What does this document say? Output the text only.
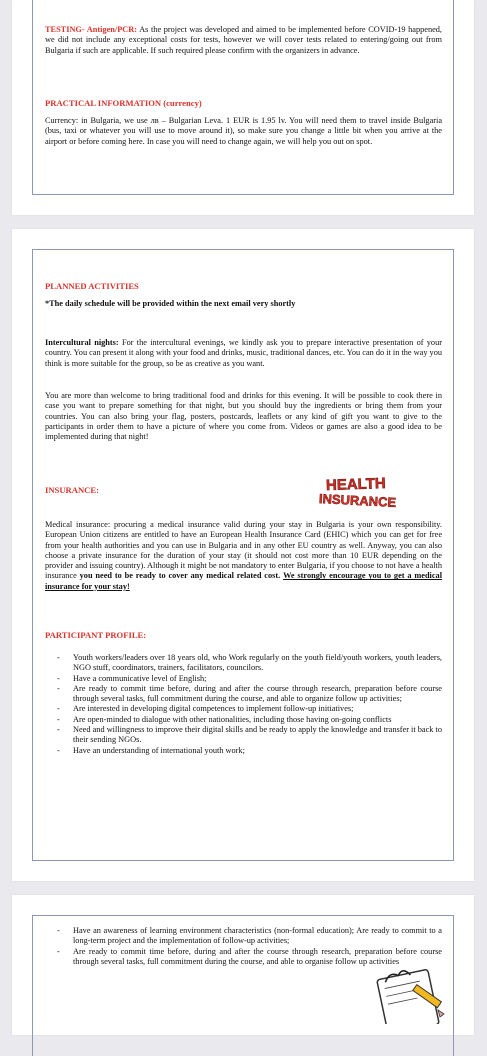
TESTING- Antigen/PCR: As the project was developed and aimed to be implemented before COVID-19 happened, we did not include any exceptional costs for tests, however we will cover tests related to entering/going out from Bulgaria if such are applicable. If such required please confirm with the organizers in advance.

PRACTICAL INFORMATION (currency)

Currency: in Bulgaria, we use лв – Bulgarian Leva. 1 EUR is 1.95 lv. You will need them to travel inside Bulgaria (bus, taxi or whatever you will use to move around it), so make sure you change a little bit when you arrive at the airport or before coming here. In case you will need to change again, we will help you out on spot.

PLANNED ACTIVITIES

*The daily schedule will be provided within the next email very shortly

Intercultural nights: For the intercultural evenings, we kindly ask you to prepare interactive presentation of your country. You can present it along with your food and drinks, music, traditional dances, etc. You can do it in the way you think is more suitable for the group, so be as creative as you want.

You are more than welcome to bring traditional food and drinks for this evening. It will be possible to cook there in case you want to prepare something for that night, but you should buy the ingredients or bring them from your countries. You can also bring your flag, posters, postcards, leaflets or any kind of gift you want to give to the participants in order them to have a picture of where you come from. Videos or games are also a good idea to be implemented during that night!

INSURANCE:	HEALTH
INSURANCE

Medical insurance: procuring a medical insurance valid during your stay in Bulgaria is your own responsibility. European Union citizens are entitled to have an European Health Insurance Card (EHIC) which you can get for free from your health authorities and you can use in Bulgaria and in any other EU country as well. Anyway, you can also choose a private insurance for the duration of your stay (it should not cost more than 10 EUR depending on the provider and issuing country). Although it might be not mandatory to enter Bulgaria, if you choose to not have a health insurance you need to be ready to cover any medical related cost. We strongly encourage you to get a medical insurance for your stay!

PARTICIPANT PROFILE:

- Youth workers/leaders over 18 years old, who Work regularly on the youth field/youth workers, youth leaders, NGO stuff, coordinators, trainers, facilitators, councilors.
- Have a communicative level of English;
- Are ready to commit time before, during and after the course through research, preparation before course through several tasks, full commitment during the course, and able to organize follow up activities;
- Are interested in developing digital competences to implement follow-up initiatives;
- Are open-minded to dialogue with other nationalities, including those having on-going conflicts
- Need and willingness to improve their digital skills and be ready to apply the knowledge and transfer it back to their sending NGOs.
- Have an understanding of international youth work;
- Have an awareness of learning environment characteristics (non-formal education); Are ready to commit to a long-term project and the implementation of follow-up activities;
- Are ready to commit time before, during and after the course through research, preparation before course through several tasks, full commitment during the course, and able to organise follow up activities
